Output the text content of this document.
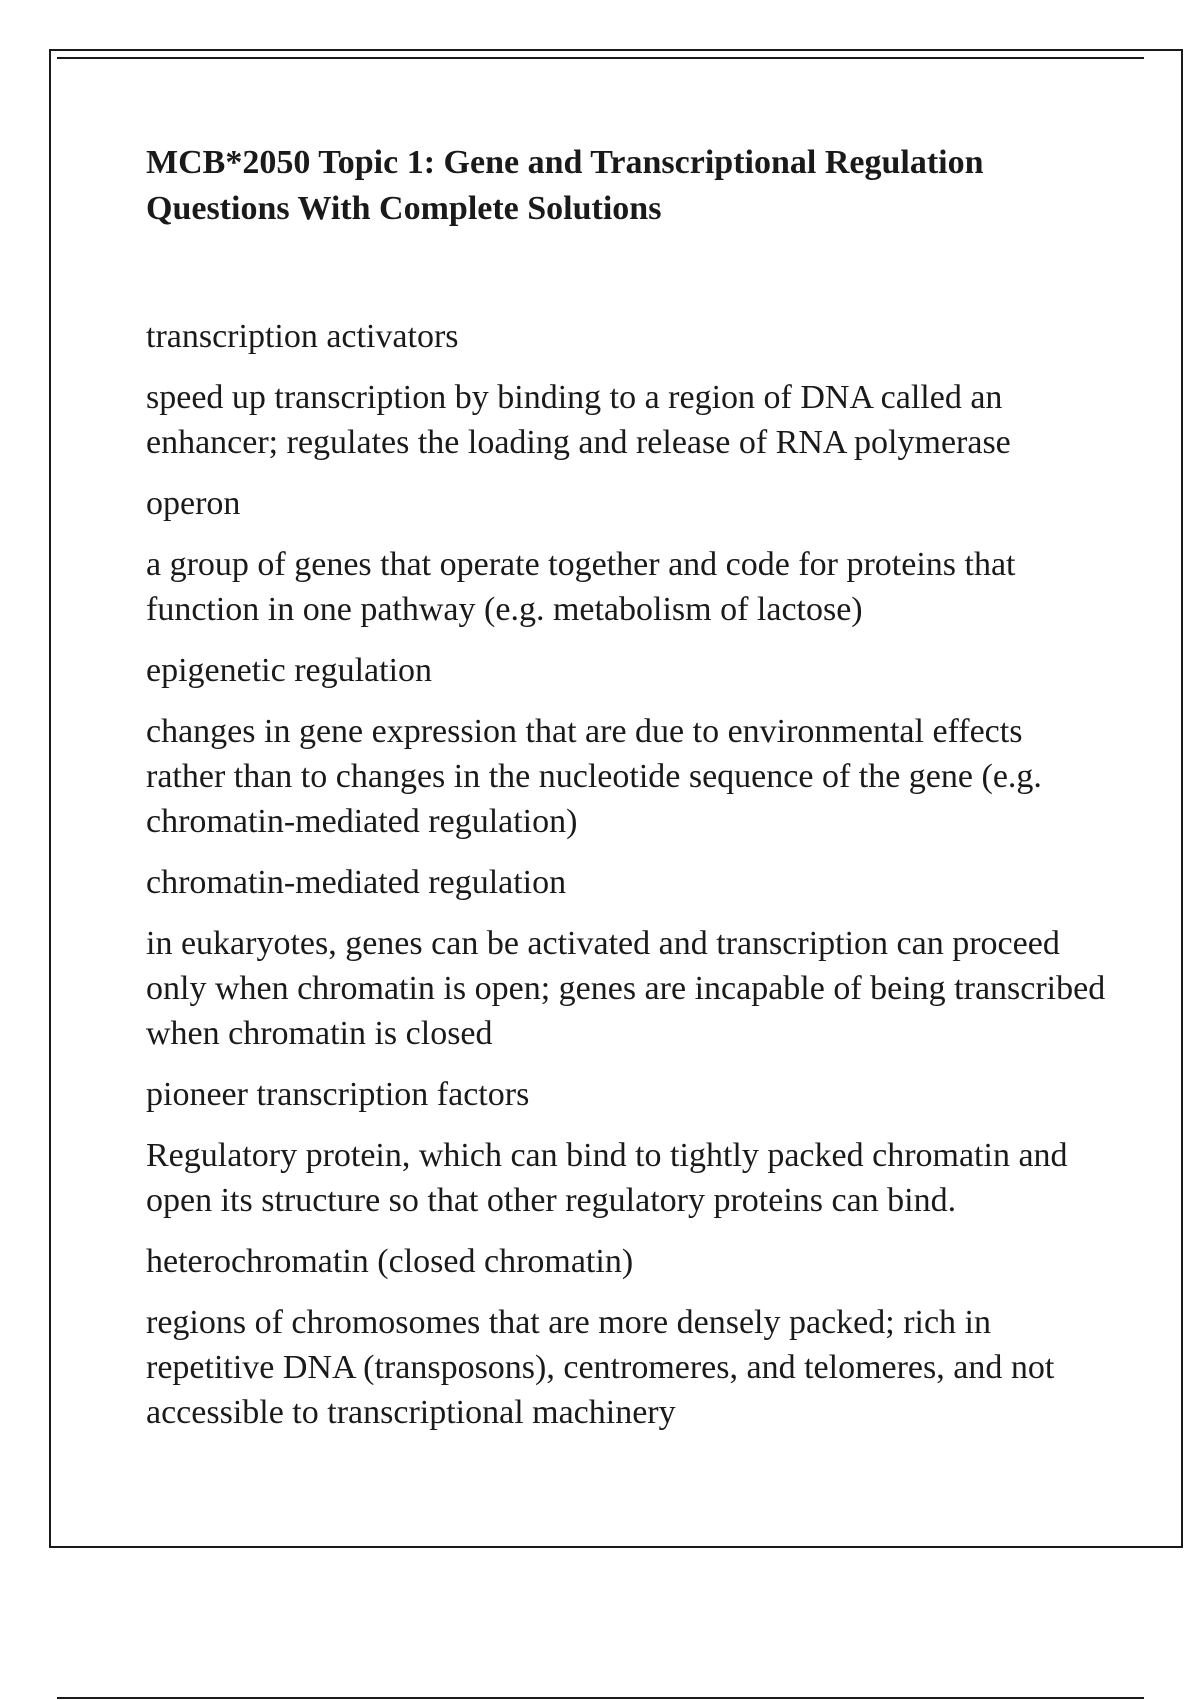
MCB*2050 Topic 1: Gene and Transcriptional Regulation Questions With Complete Solutions

transcription activators

speed up transcription by binding to a region of DNA called an enhancer; regulates the loading and release of RNA polymerase

operon

a group of genes that operate together and code for proteins that function in one pathway (e.g. metabolism of lactose)

epigenetic regulation

changes in gene expression that are due to environmental effects rather than to changes in the nucleotide sequence of the gene (e.g. chromatin-mediated regulation)

chromatin-mediated regulation

in eukaryotes, genes can be activated and transcription can proceed only when chromatin is open; genes are incapable of being transcribed when chromatin is closed

pioneer transcription factors

Regulatory protein, which can bind to tightly packed chromatin and open its structure so that other regulatory proteins can bind.

heterochromatin (closed chromatin)

regions of chromosomes that are more densely packed; rich in repetitive DNA (transposons), centromeres, and telomeres, and not accessible to transcriptional machinery
